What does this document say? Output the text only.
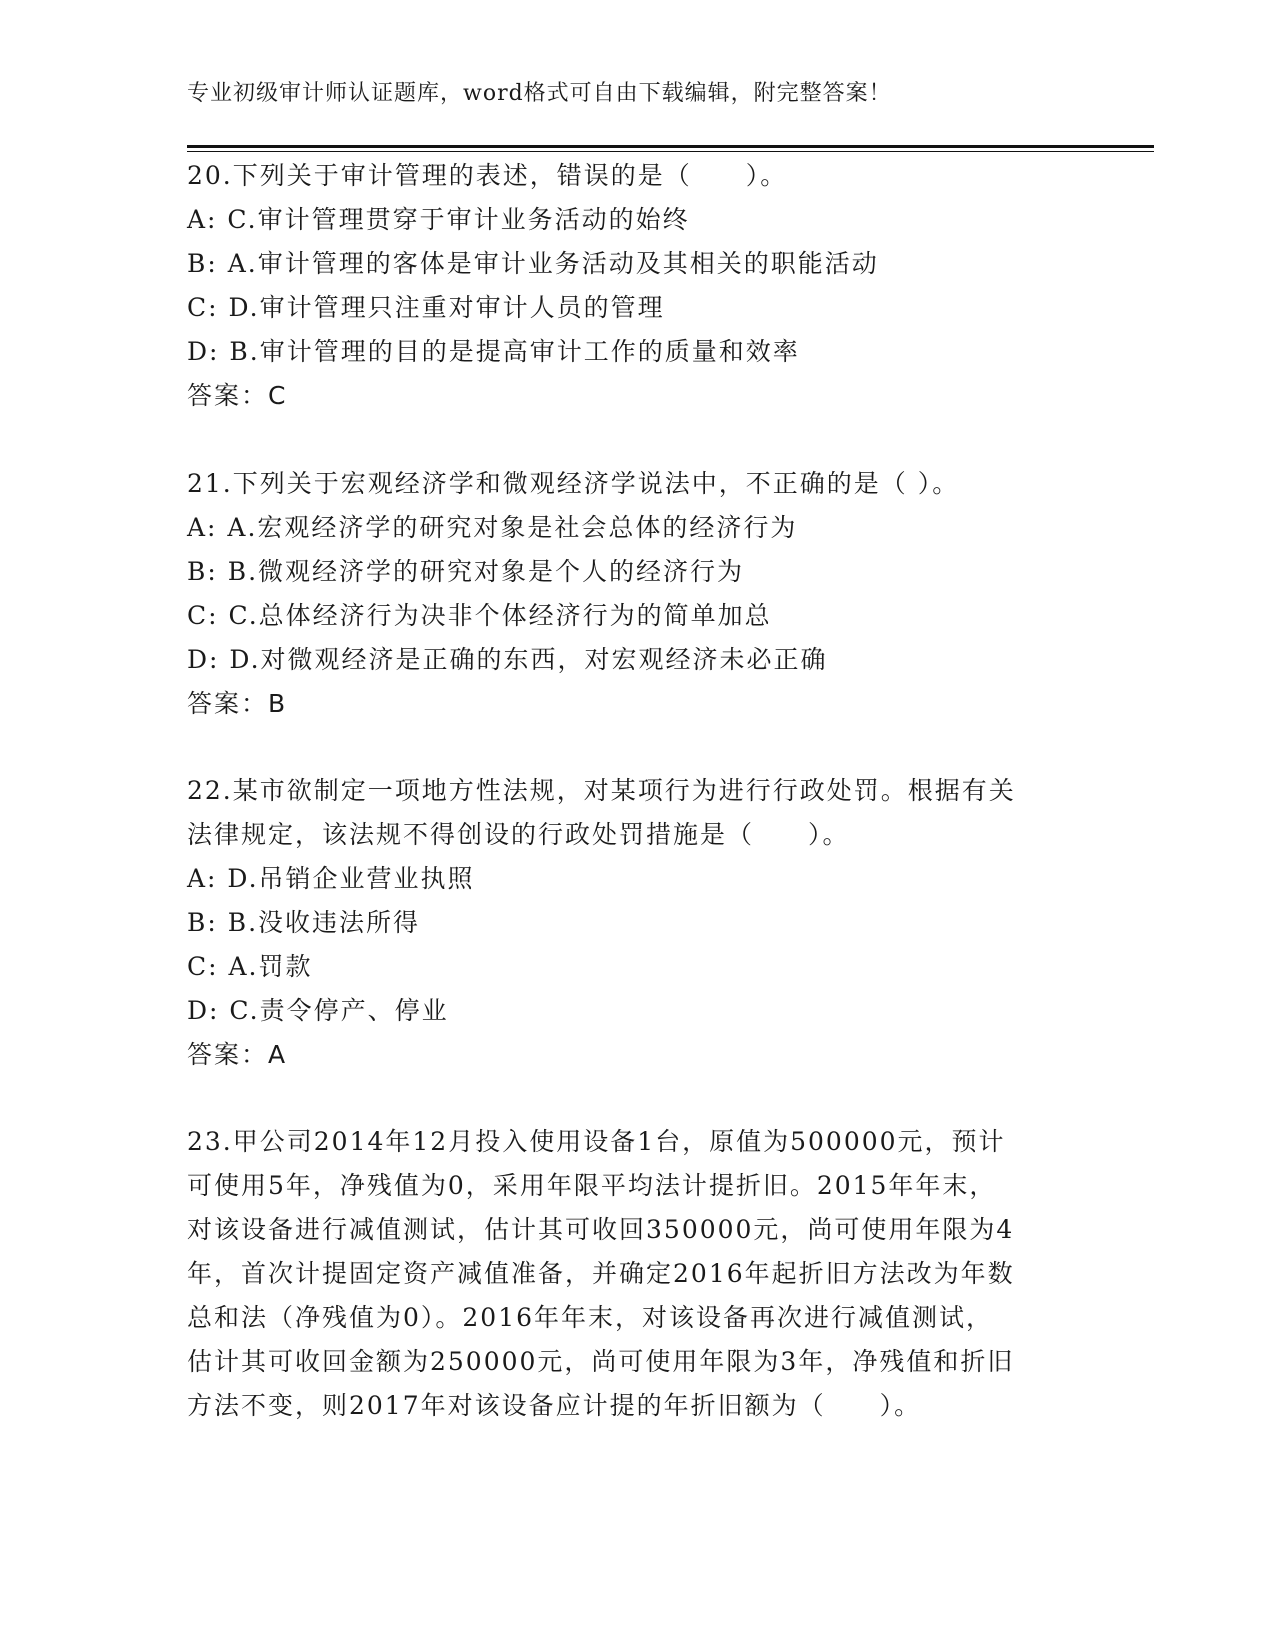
专业初级审计师认证题库，word格式可自由下载编辑，附完整答案！
20.下列关于审计管理的表述，错误的是（　　）。
A: C.审计管理贯穿于审计业务活动的始终
B: A.审计管理的客体是审计业务活动及其相关的职能活动
C: D.审计管理只注重对审计人员的管理
D: B.审计管理的目的是提高审计工作的质量和效率
答案：C
21.下列关于宏观经济学和微观经济学说法中，不正确的是（ ）。
A: A.宏观经济学的研究对象是社会总体的经济行为
B: B.微观经济学的研究对象是个人的经济行为
C: C.总体经济行为决非个体经济行为的简单加总
D: D.对微观经济是正确的东西，对宏观经济未必正确
答案：B
22.某市欲制定一项地方性法规，对某项行为进行行政处罚。根据有关
法律规定，该法规不得创设的行政处罚措施是（　　）。
A: D.吊销企业营业执照
B: B.没收违法所得
C: A.罚款
D: C.责令停产、停业
答案：A
23.甲公司2014年12月投入使用设备1台，原值为500000元，预计
可使用5年，净残值为0，采用年限平均法计提折旧。2015年年末，
对该设备进行减值测试，估计其可收回350000元，尚可使用年限为4
年，首次计提固定资产减值准备，并确定2016年起折旧方法改为年数
总和法（净残值为0）。2016年年末，对该设备再次进行减值测试，
估计其可收回金额为250000元，尚可使用年限为3年，净残值和折旧
方法不变，则2017年对该设备应计提的年折旧额为（　　）。
